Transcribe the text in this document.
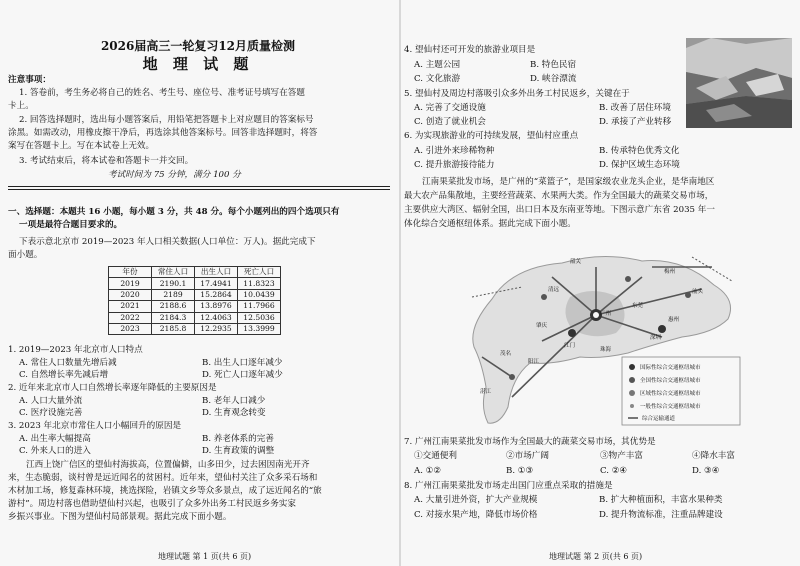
2026届高三一轮复习12月质量检测
地 理 试 题
注意事项：
1. 答卷前，考生务必将自己的姓名、考生号、座位号、准考证号填写在答题
卡上。
2. 回答选择题时，选出每小题答案后，用铅笔把答题卡上对应题目的答案标号
涂黑。如需改动，用橡皮擦干净后，再选涂其他答案标号。回答非选择题时，将答
案写在答题卡上。写在本试卷上无效。
3. 考试结束后，将本试卷和答题卡一并交回。
考试时间为 75 分钟，满分 100 分
一、选择题：本题共 16 小题，每小题 3 分，共 48 分。每个小题列出的四个选项只有
一项是最符合题目要求的。
下表示意北京市 2019—2023 年人口相关数据(人口单位：万人)。据此完成下
面小题。
年份	常住人口	出生人口	死亡人口
2019	2190.1	17.4941	11.8323
2020	2189	15.2864	10.0439
2021	2188.6	13.8976	11.7966
2022	2184.3	12.4063	12.5036
2023	2185.8	12.2935	13.3999
1. 2019—2023 年北京市人口特点
A. 常住人口数量先增后减	B. 出生人口逐年减少
C. 自然增长率先减后增	D. 死亡人口逐年减少
2. 近年来北京市人口自然增长率逐年降低的主要原因是
A. 人口大量外流	B. 老年人口减少
C. 医疗设施完善	D. 生育观念转变
3. 2023 年北京市常住人口小幅回升的原因是
A. 出生率大幅提高	B. 养老体系的完善
C. 外来人口的进入	D. 生育政策的调整
江西上饶广信区的望仙村海拔高，位置偏僻，山多田少，过去困因南光开齐
来，生态脆弱，谈村曾是远近闻名的贫困村。近年来，望仙村关注了众多采石场和
木材加工场，修复森林环境，挑选探险，岩镇文乡等众多景点，成了远近闻名的“旅
游村”。周边村落也借助望仙村兴起，也吸引了众多外出务工村民返乡务实家
乡振兴事业。下图为望仙村局部景观。据此完成下面小题。
地理试题 第 1 页(共 6 页)
4. 望仙村还可开发的旅游业项目是
A. 主题公园	B. 特色民宿
C. 文化旅游	D. 峡谷漂流
5. 望仙村及周边村落吸引众多外出务工村民返乡，关键在于
A. 完善了交通设施	B. 改善了居住环境
C. 创造了就业机会	D. 承接了产业转移
6. 为实现旅游业的可持续发展，望仙村应重点
A. 引进外来珍稀物种	B. 传承特色优秀文化
C. 提升旅游接待能力	D. 保护区域生态环境
江南果菜批发市场，是广州的“菜篮子”，是国家级农业龙头企业，是华南地区
最大农产品集散地，主要经营蔬菜、水果两大类。作为全国最大的蔬菜交易市场，
主要供应大湾区、辐射全国，出口日本及东南亚等地。下图示意广东省 2035 年一
体化综合交通枢纽体系。据此完成下面小题。
7. 广州江南果菜批发市场作为全国最大的蔬菜交易市场，其优势是
①交通便利	②市场广阔	③物产丰富	④降水丰富
A. ①②	B. ①③	C. ②④	D. ③④
8. 广州江南果菜批发市场走出国门应重点采取的措施是
A. 大量引进外资，扩大产业规模	B. 扩大种植面积，丰富水果种类
C. 对接水果产地，降低市场价格	D. 提升物流标准，注重品牌建设
地理试题 第 2 页(共 6 页)
广州
韶关
梅州
清远
肇庆
东莞
深圳
汕头
湛江
茂名
阳江
江门
珠海
惠州
国际性综合交通枢纽城市
全国性综合交通枢纽城市
区域性综合交通枢纽城市
一般性综合交通枢纽城市
综合运输通道
